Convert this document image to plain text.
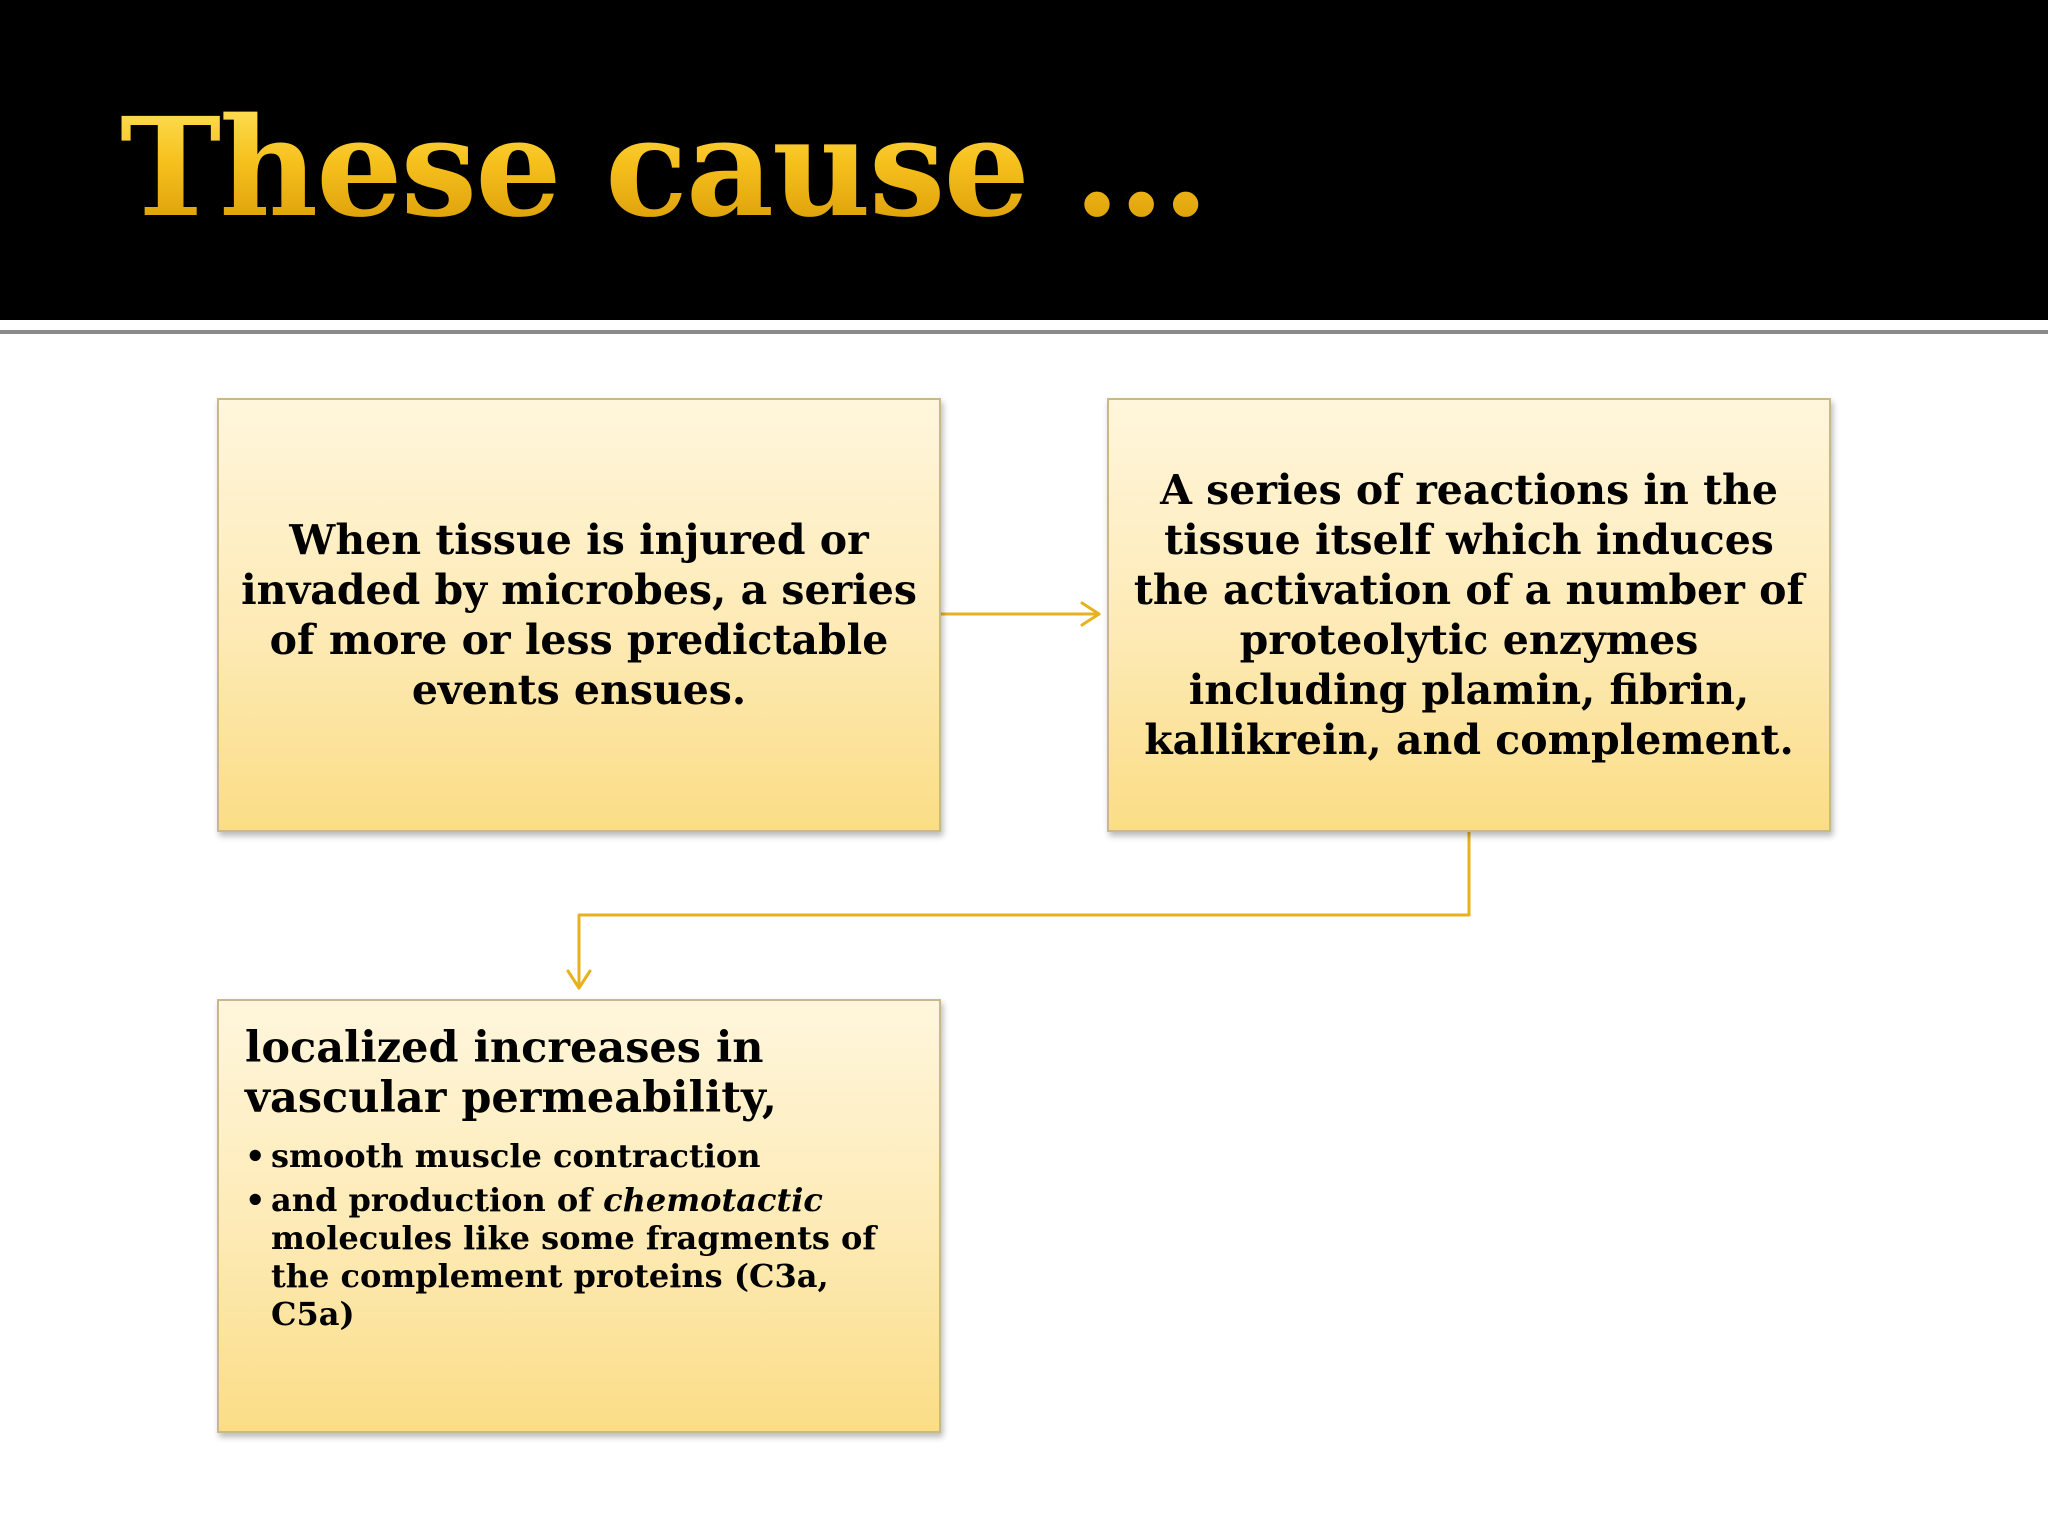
These cause …
When tissue is injured or invaded by microbes, a series of more or less predictable events ensues.
A series of reactions in the tissue itself which induces the activation of a number of proteolytic enzymes including plamin, fibrin, kallikrein, and complement.
localized increases in vascular permeability,
• smooth muscle contraction
• and production of chemotactic molecules like some fragments of the complement proteins (C3a, C5a)
